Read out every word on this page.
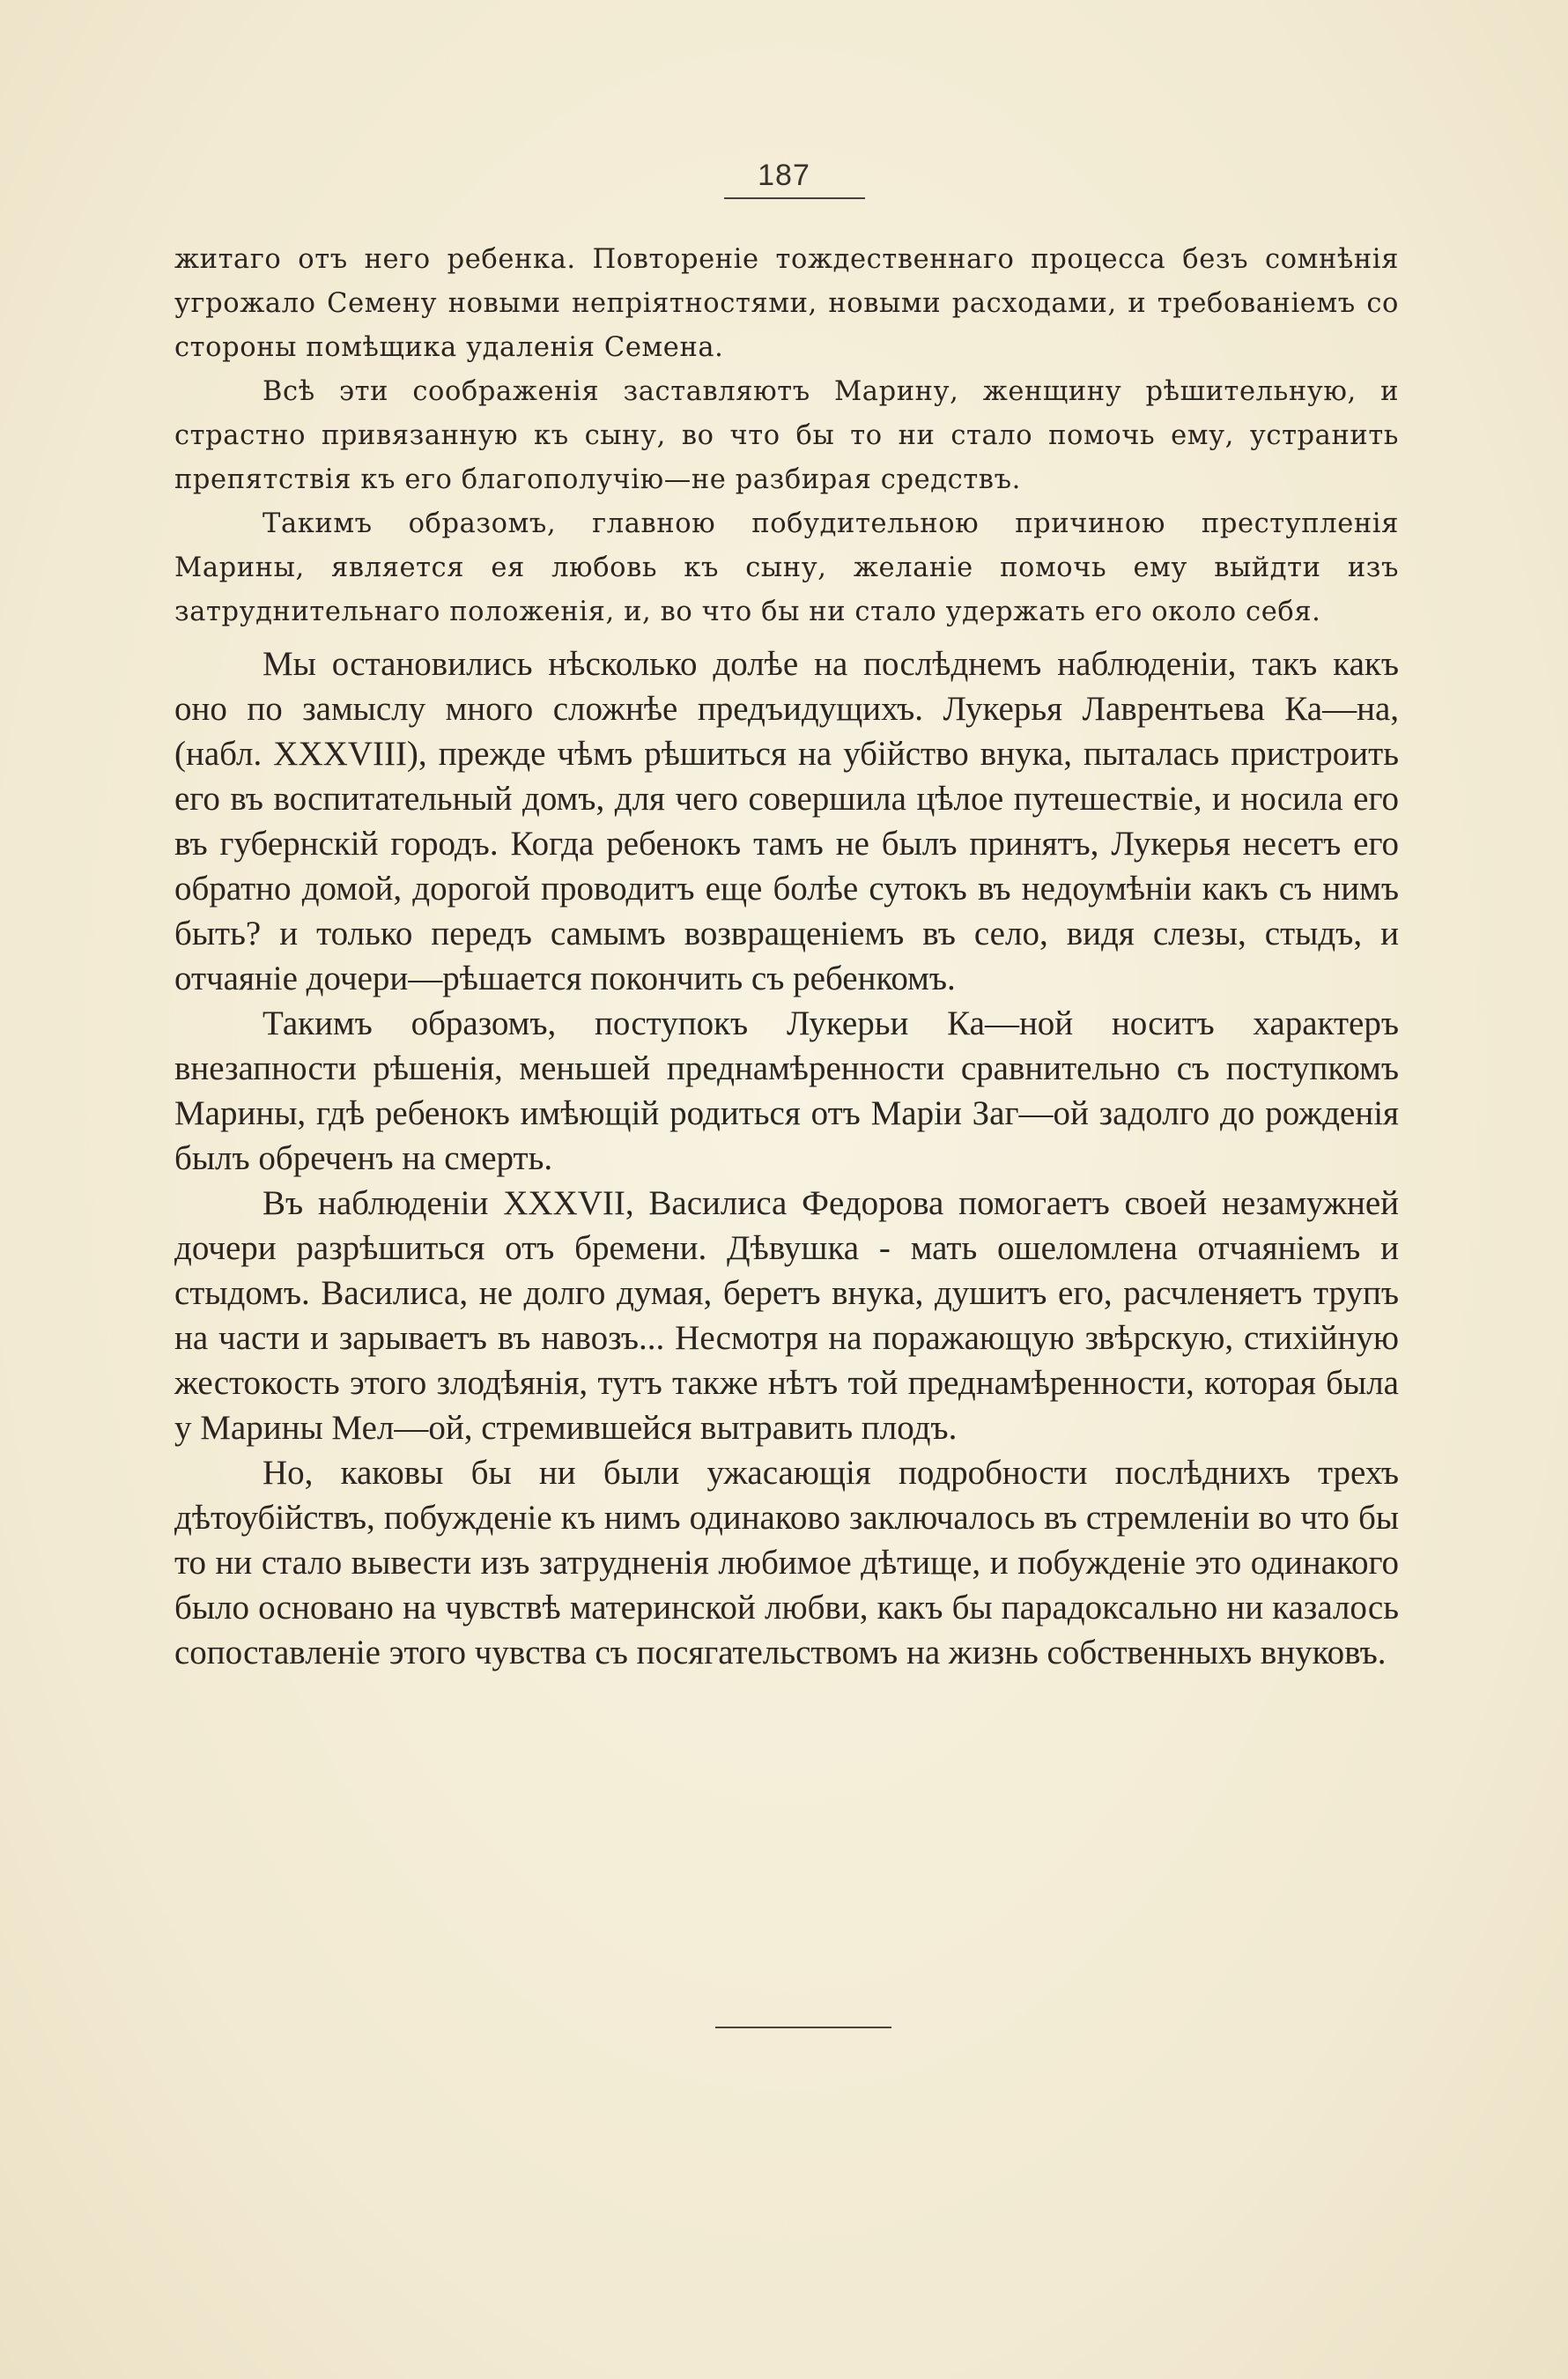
187

житаго отъ него ребенка. Повтореніе тождественнаго процесса безъ сомнѣнія угрожало Семену новыми непріятностями, новыми расходами, и требованіемъ со стороны помѣщика удаленія Семена.

Всѣ эти соображенія заставляютъ Марину, женщину рѣшительную, и страстно привязанную къ сыну, во что бы то ни стало помочь ему, устранить препятствія къ его благополучію—не разбирая средствъ.

Такимъ образомъ, главною побудительною причиною преступленія Марины, является ея любовь къ сыну, желаніе помочь ему выйдти изъ затруднительнаго положенія, и, во что бы ни стало удержать его около себя.

Мы остановились нѣсколько долѣе на послѣднемъ наблюденіи, такъ какъ оно по замыслу много сложнѣе предъидущихъ. Лукерья Лаврентьева Ка—на, (набл. XXXVIII), прежде чѣмъ рѣшиться на убійство внука, пыталась пристроить его въ воспитательный домъ, для чего совершила цѣлое путешествіе, и носила его въ губернскій городъ. Когда ребенокъ тамъ не былъ принятъ, Лукерья несетъ его обратно домой, дорогой проводитъ еще болѣе сутокъ въ недоумѣніи какъ съ нимъ быть? и только передъ самымъ возвращеніемъ въ село, видя слезы, стыдъ, и отчаяніе дочери—рѣшается покончить съ ребенкомъ.

Такимъ образомъ, поступокъ Лукерьи Ка—ной носитъ характеръ внезапности рѣшенія, меньшей преднамѣренности сравнительно съ поступкомъ Марины, гдѣ ребенокъ имѣющій родиться отъ Маріи Заг—ой задолго до рожденія былъ обреченъ на смерть.

Въ наблюденіи XXXVII, Василиса Федорова помогаетъ своей незамужней дочери разрѣшиться отъ бремени. Дѣвушка - мать ошеломлена отчаяніемъ и стыдомъ. Василиса, не долго думая, беретъ внука, душитъ его, расчленяетъ трупъ на части и зарываетъ въ навозъ... Несмотря на поражающую звѣрскую, стихійную жестокость этого злодѣянія, тутъ также нѣтъ той преднамѣренности, которая была у Марины Мел—ой, стремившейся вытравить плодъ.

Но, каковы бы ни были ужасающія подробности послѣднихъ трехъ дѣтоубійствъ, побужденіе къ нимъ одинаково заключалось въ стремленіи во что бы то ни стало вывести изъ затрудненія любимое дѣтище, и побужденіе это одинакого было основано на чувствѣ материнской любви, какъ бы парадоксально ни казалось сопоставленіе этого чувства съ посягательствомъ на жизнь собственныхъ внуковъ.
